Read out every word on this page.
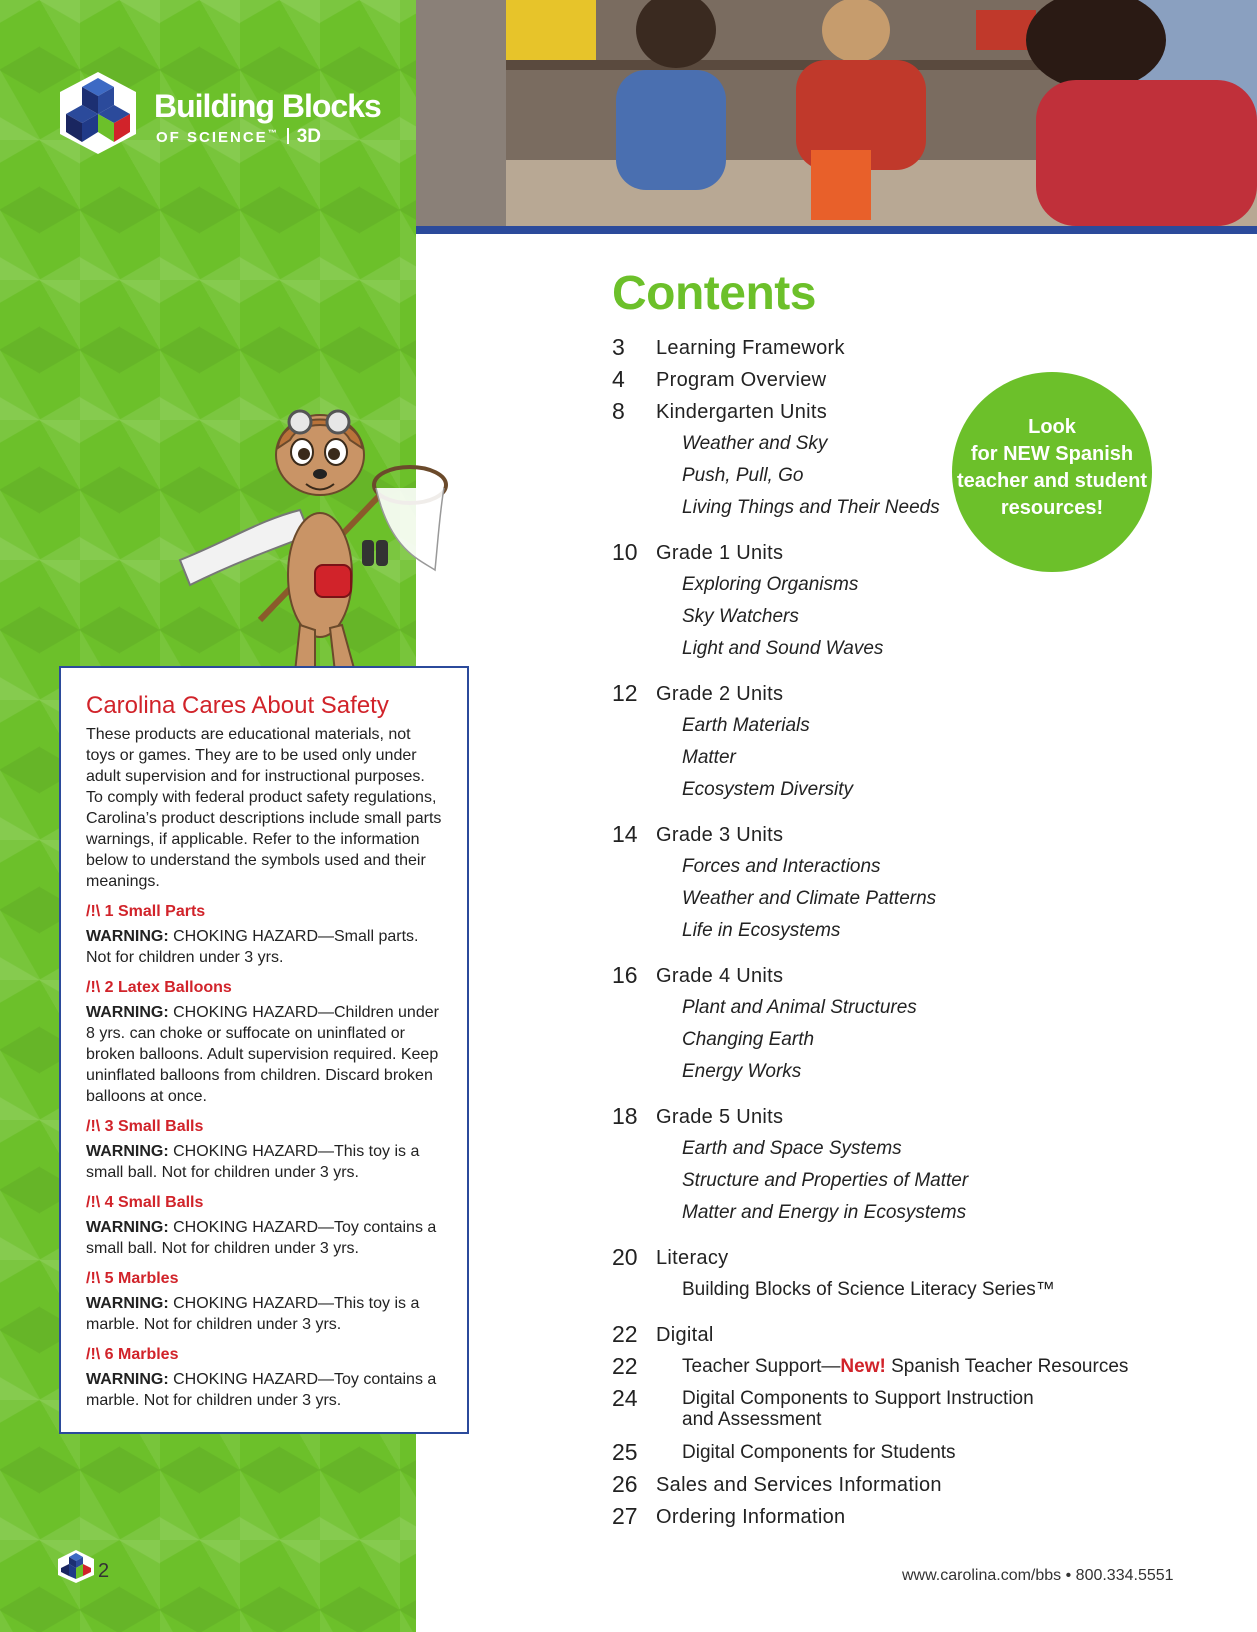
Building Blocks
OF SCIENCE™ 3D
Carolina Cares About Safety
These products are educational materials, not toys or games. They are to be used only under adult supervision and for instructional purposes. To comply with federal product safety regulations, Carolina’s product descriptions include small parts warnings, if applicable. Refer to the information below to understand the symbols used and their meanings.
/!\ 1 Small Parts
WARNING: CHOKING HAZARD—Small parts. Not for children under 3 yrs.
/!\ 2 Latex Balloons
WARNING: CHOKING HAZARD—Children under 8 yrs. can choke or suffocate on uninflated or broken balloons. Adult supervision required. Keep uninflated balloons from children. Discard broken balloons at once.
/!\ 3 Small Balls
WARNING: CHOKING HAZARD—This toy is a small ball. Not for children under 3 yrs.
/!\ 4 Small Balls
WARNING: CHOKING HAZARD—Toy contains a small ball. Not for children under 3 yrs.
/!\ 5 Marbles
WARNING: CHOKING HAZARD—This toy is a marble. Not for children under 3 yrs.
/!\ 6 Marbles
WARNING: CHOKING HAZARD—Toy contains a marble. Not for children under 3 yrs.
2
Contents
3 Learning Framework
4 Program Overview
8 Kindergarten Units
Weather and Sky
Push, Pull, Go
Living Things and Their Needs
10 Grade 1 Units
Exploring Organisms
Sky Watchers
Light and Sound Waves
12 Grade 2 Units
Earth Materials
Matter
Ecosystem Diversity
14 Grade 3 Units
Forces and Interactions
Weather and Climate Patterns
Life in Ecosystems
16 Grade 4 Units
Plant and Animal Structures
Changing Earth
Energy Works
18 Grade 5 Units
Earth and Space Systems
Structure and Properties of Matter
Matter and Energy in Ecosystems
20 Literacy
Building Blocks of Science Literacy Series™
22 Digital
22 Teacher Support—New! Spanish Teacher Resources
24 Digital Components to Support Instruction
and Assessment
25 Digital Components for Students
26 Sales and Services Information
27 Ordering Information
Look
for NEW Spanish
teacher and student
resources!
www.carolina.com/bbs • 800.334.5551
